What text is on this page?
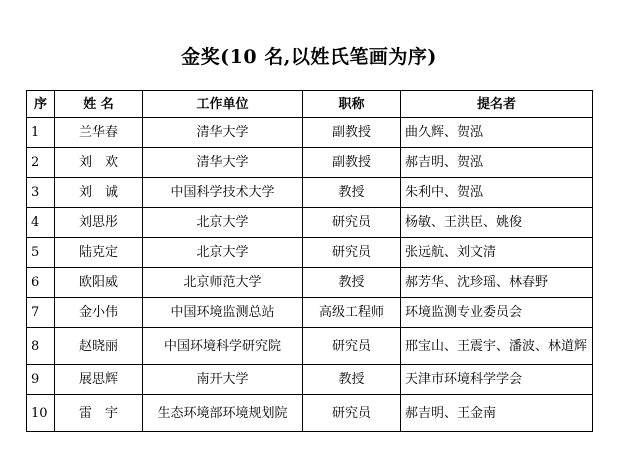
金奖(10 名,以姓氏笔画为序)
序	姓 名	工作单位	职称	提名者
1	兰华春	清华大学	副教授	曲久辉、贺泓
2	刘　欢	清华大学	副教授	郝吉明、贺泓
3	刘　诚	中国科学技术大学	教授	朱利中、贺泓
4	刘思彤	北京大学	研究员	杨敏、王洪臣、姚俊
5	陆克定	北京大学	研究员	张远航、刘文清
6	欧阳威	北京师范大学	教授	郝芳华、沈珍瑶、林春野
7	金小伟	中国环境监测总站	高级工程师	环境监测专业委员会
8	赵晓丽	中国环境科学研究院	研究员	邢宝山、王震宇、潘波、林道辉
9	展思辉	南开大学	教授	天津市环境科学学会
10	雷　宇	生态环境部环境规划院	研究员	郝吉明、王金南
